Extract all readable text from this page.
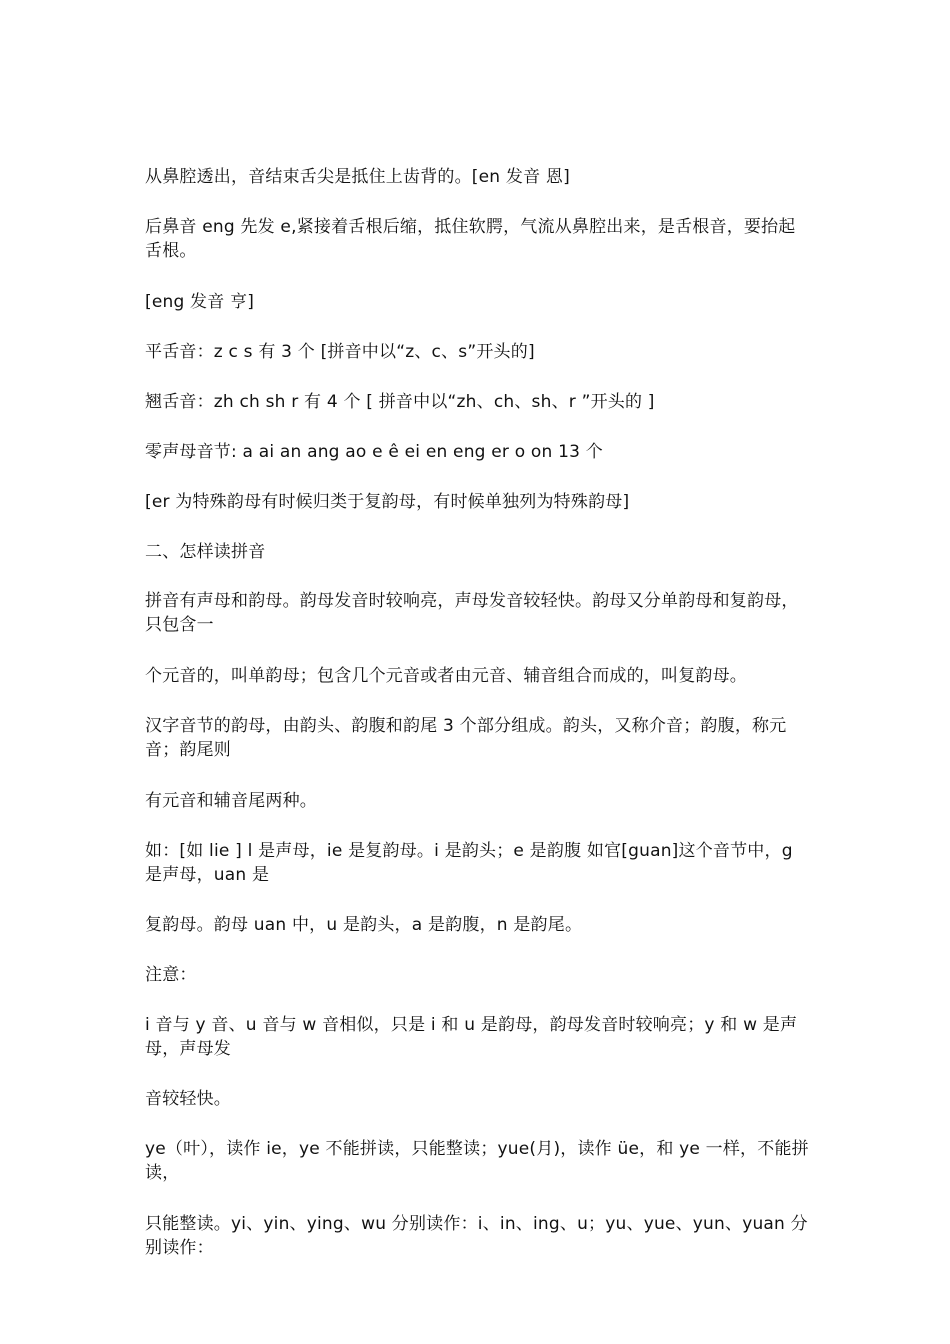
从鼻腔透出，音结束舌尖是抵住上齿背的。[en 发音 恩]

后鼻音 eng 先发 e,紧接着舌根后缩，抵住软腭，气流从鼻腔出来，是舌根音，要抬起舌根。

[eng 发音 亨]

平舌音：z c s 有 3 个 [拼音中以“z、c、s”开头的]

翘舌音：zh ch sh r 有 4 个 [ 拼音中以“zh、ch、sh、r ”开头的 ]

零声母音节: a ai an ang ao e ê ei en eng er o on 13 个

[er 为特殊韵母有时候归类于复韵母，有时候单独列为特殊韵母]

二、怎样读拼音

拼音有声母和韵母。韵母发音时较响亮，声母发音较轻快。韵母又分单韵母和复韵母，只包含一

个元音的，叫单韵母；包含几个元音或者由元音、辅音组合而成的，叫复韵母。

汉字音节的韵母，由韵头、韵腹和韵尾 3 个部分组成。韵头，又称介音；韵腹，称元音；韵尾则

有元音和辅音尾两种。

如：[如 lie ] l 是声母，ie 是复韵母。i 是韵头；e 是韵腹 如官[guan]这个音节中，g 是声母，uan 是

复韵母。韵母 uan 中，u 是韵头，a 是韵腹，n 是韵尾。

注意：

i 音与 y 音、u 音与 w 音相似，只是 i 和 u 是韵母，韵母发音时较响亮；y 和 w 是声母，声母发

音较轻快。

ye（叶），读作 ie，ye 不能拼读，只能整读；yue(月)，读作 üe，和 ye 一样，不能拼读，

只能整读。yi、yin、ying、wu 分别读作：i、in、ing、u；yu、yue、yun、yuan 分别读作：
